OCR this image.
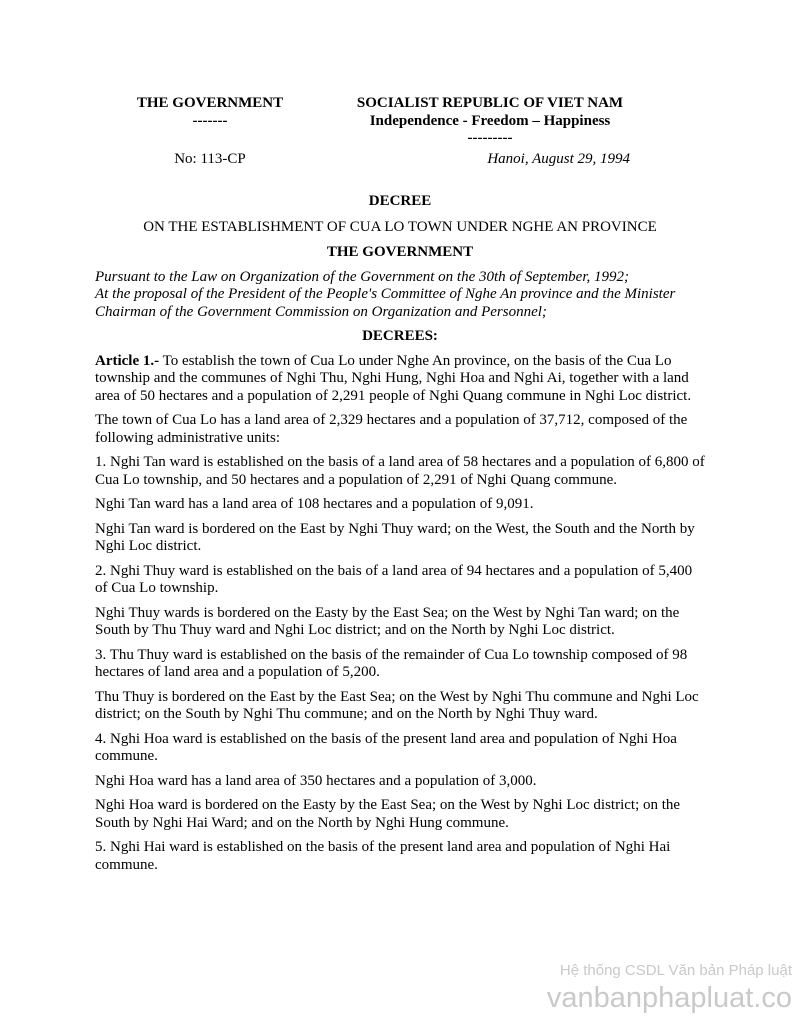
THE GOVERNMENT
-------
SOCIALIST REPUBLIC OF VIET NAM
Independence - Freedom – Happiness
---------
No: 113-CP	Hanoi, August 29, 1994
DECREE
ON THE ESTABLISHMENT OF CUA LO TOWN UNDER NGHE AN PROVINCE
THE GOVERNMENT
Pursuant to the Law on Organization of the Government on the 30th of September, 1992;
At the proposal of the President of the People's Committee of Nghe An province and the Minister Chairman of the Government Commission on Organization and Personnel;
DECREES:

Article 1.- To establish the town of Cua Lo under Nghe An province, on the basis of the Cua Lo township and the communes of Nghi Thu, Nghi Hung, Nghi Hoa and Nghi Ai, together with a land area of 50 hectares and a population of 2,291 people of Nghi Quang commune in Nghi Loc district.

The town of Cua Lo has a land area of 2,329 hectares and a population of 37,712, composed of the following administrative units:

1. Nghi Tan ward is established on the basis of a land area of 58 hectares and a population of 6,800 of Cua Lo township, and 50 hectares and a population of 2,291 of Nghi Quang commune.

Nghi Tan ward has a land area of 108 hectares and a population of 9,091.

Nghi Tan ward is bordered on the East by Nghi Thuy ward; on the West, the South and the North by Nghi Loc district.

2. Nghi Thuy ward is established on the bais of a land area of 94 hectares and a population of 5,400 of Cua Lo township.

Nghi Thuy wards is bordered on the Easty by the East Sea; on the West by Nghi Tan ward; on the South by Thu Thuy ward and Nghi Loc district; and on the North by Nghi Loc district.

3. Thu Thuy ward is established on the basis of the remainder of Cua Lo township composed of 98 hectares of land area and a population of 5,200.

Thu Thuy is bordered on the East by the East Sea; on the West by Nghi Thu commune and Nghi Loc district; on the South by Nghi Thu commune; and on the North by Nghi Thuy ward.

4. Nghi Hoa ward is established on the basis of the present land area and population of Nghi Hoa commune.

Nghi Hoa ward has a land area of 350 hectares and a population of 3,000.

Nghi Hoa ward is bordered on the Easty by the East Sea; on the West by Nghi Loc district; on the South by Nghi Hai Ward; and on the North by Nghi Hung commune.

5. Nghi Hai ward is established on the basis of the present land area and population of Nghi Hai commune.

Hệ thống CSDL Văn bản Pháp luật
vanbanphapluat.co
